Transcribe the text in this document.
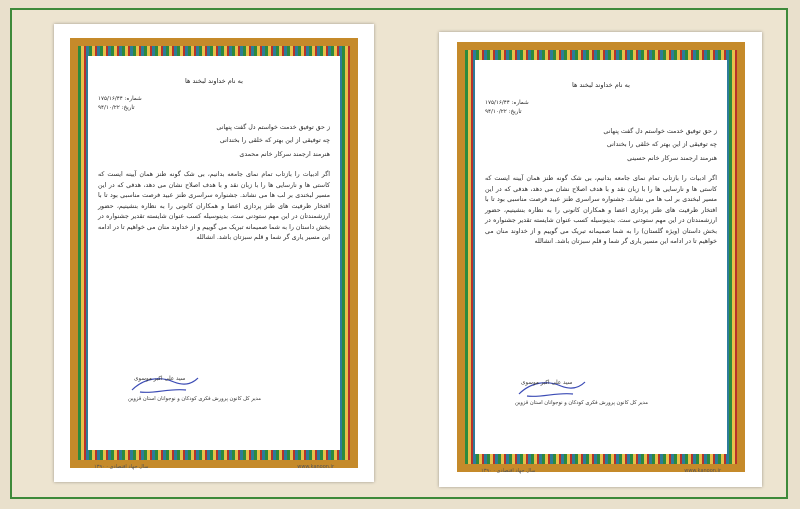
به نام خداوند لبخند ها
شماره: ۱۷۵/۱۶/۴۴
تاریخ: ۹۴/۱۰/۲۲
ز حق توفیق خدمت خواستم دل گفت پنهانی
چه توفیقی از این بهتر که خلقی را بخندانی
هنرمند ارجمند سرکار خانم محمدی
اگر ادبیات را بازتاب تمام نمای جامعه بدانیم، بی شک گونه طنز همان آیینه ایست که کاستی ها و نارسایی ها را با زبان نقد و با هدف اصلاح نشان می دهد، هدفی که در این مسیر لبخندی بر لب ها می نشاند. جشنواره سراسری طنز عبید فرصت مناسبی بود تا با افتخار ظرفیت های طنز پردازی اعضا و همکاران کانونی را به نظاره بنشینیم، حضور ارزشمندتان در این مهم ستودنی ست. بدینوسیله کسب عنوان شایسته تقدیر جشنواره در بخش داستان را به شما صمیمانه تبریک می گوییم و از خداوند منان می خواهیم تا در ادامه این مسیر یاری گر شما و قلم سبزتان باشد. انشالله
سید علی اکبر موسوی
مدیر کل کانون پرورش فکری کودکان و نوجوانان استان قزوین
سال جهاد اقتصادی · ۱۳۹۰	www.kanoon.ir
به نام خداوند لبخند ها
شماره: ۱۷۵/۱۶/۴۴
تاریخ: ۹۴/۱۰/۲۲
ز حق توفیق خدمت خواستم دل گفت پنهانی
چه توفیقی از این بهتر که خلقی را بخندانی
هنرمند ارجمند سرکار خانم حسینی
اگر ادبیات را بازتاب تمام نمای جامعه بدانیم، بی شک گونه طنز همان آیینه ایست که کاستی ها و نارسایی ها را با زبان نقد و با هدف اصلاح نشان می دهد، هدفی که در این مسیر لبخندی بر لب ها می نشاند. جشنواره سراسری طنز عبید فرصت مناسبی بود تا با افتخار ظرفیت های طنز پردازی اعضا و همکاران کانونی را به نظاره بنشینیم، حضور ارزشمندتان در این مهم ستودنی ست. بدینوسیله کسب عنوان شایسته تقدیر جشنواره در بخش داستان (ویژه گلستان) را به شما صمیمانه تبریک می گوییم و از خداوند منان می خواهیم تا در ادامه این مسیر یاری گر شما و قلم سبزتان باشد. انشالله
سید علی اکبر موسوی
مدیر کل کانون پرورش فکری کودکان و نوجوانان استان قزوین
سال جهاد اقتصادی · ۱۳۹۰	www.kanoon.ir
